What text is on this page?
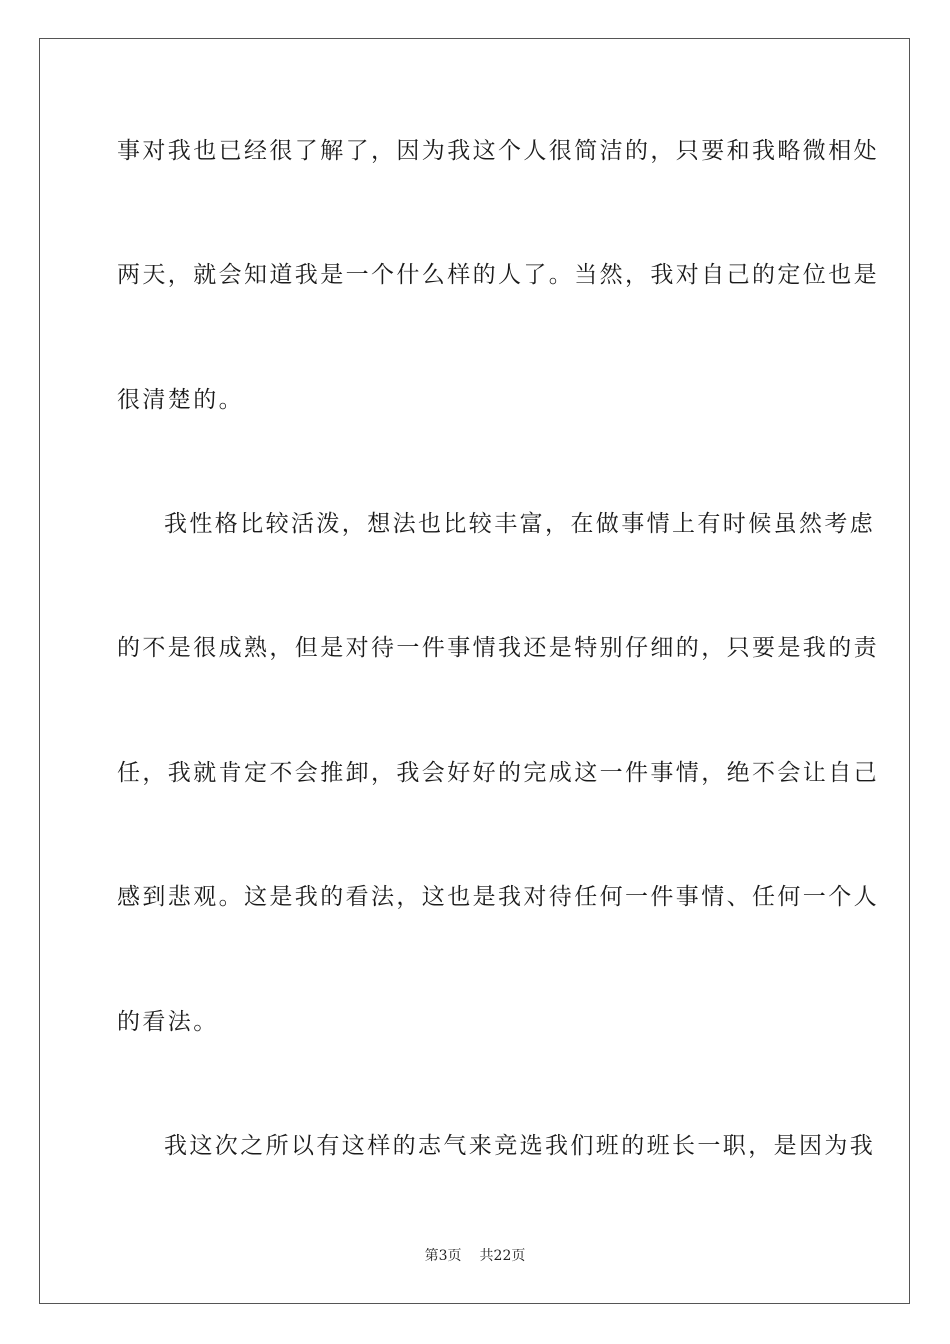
事对我也已经很了解了，因为我这个人很简洁的，只要和我略微相处
两天，就会知道我是一个什么样的人了。当然，我对自己的定位也是
很清楚的。
我性格比较活泼，想法也比较丰富，在做事情上有时候虽然考虑
的不是很成熟，但是对待一件事情我还是特别仔细的，只要是我的责
任，我就肯定不会推卸，我会好好的完成这一件事情，绝不会让自己
感到悲观。这是我的看法，这也是我对待任何一件事情、任何一个人
的看法。
我这次之所以有这样的志气来竞选我们班的班长一职，是因为我
第3页 共22页
